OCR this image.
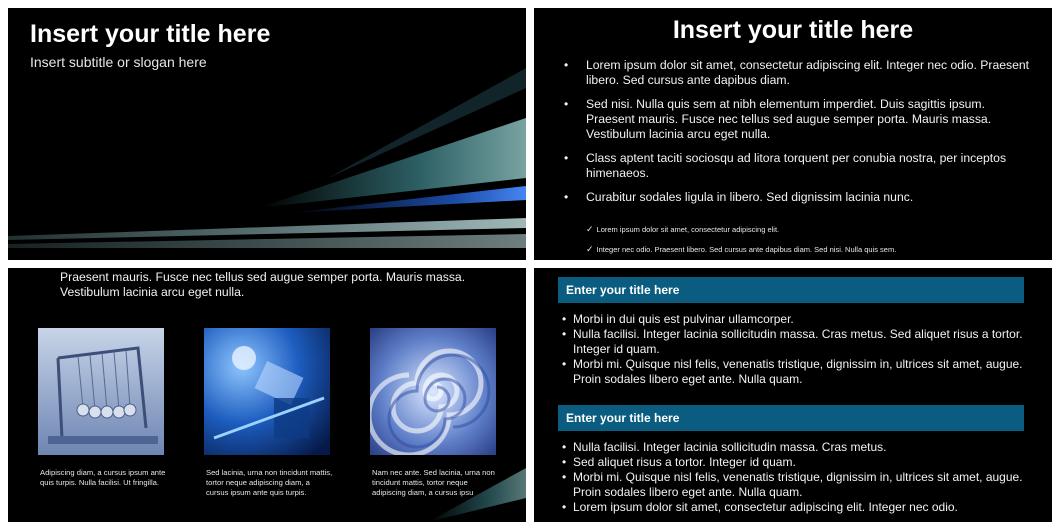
Insert your title here
Insert subtitle or slogan here
Insert your title here
• Lorem ipsum dolor sit amet, consectetur adipiscing elit. Integer nec odio. Praesent libero. Sed cursus ante dapibus diam.
• Sed nisi. Nulla quis sem at nibh elementum imperdiet. Duis sagittis ipsum. Praesent mauris. Fusce nec tellus sed augue semper porta. Mauris massa. Vestibulum lacinia arcu eget nulla.
• Class aptent taciti sociosqu ad litora torquent per conubia nostra, per inceptos himenaeos.
• Curabitur sodales ligula in libero. Sed dignissim lacinia nunc.
✓ Lorem ipsum dolor sit amet, consectetur adipiscing elit.
✓ Integer nec odio. Praesent libero. Sed cursus ante dapibus diam. Sed nisi. Nulla quis sem.
Praesent mauris. Fusce nec tellus sed augue semper porta. Mauris massa. Vestibulum lacinia arcu eget nulla.
Adipiscing diam, a cursus ipsum ante quis turpis. Nulla facilisi. Ut fringilla.
Sed lacinia, urna non tincidunt mattis, tortor neque adipiscing diam, a cursus ipsum ante quis turpis.
Nam nec ante. Sed lacinia, urna non tincidunt mattis, tortor neque adipiscing diam, a cursus ipsu
Enter your title here
• Morbi in dui quis est pulvinar ullamcorper.
• Nulla facilisi. Integer lacinia sollicitudin massa. Cras metus. Sed aliquet risus a tortor. Integer id quam.
• Morbi mi. Quisque nisl felis, venenatis tristique, dignissim in, ultrices sit amet, augue. Proin sodales libero eget ante. Nulla quam.
Enter your title here
• Nulla facilisi. Integer lacinia sollicitudin massa. Cras metus.
• Sed aliquet risus a tortor. Integer id quam.
• Morbi mi. Quisque nisl felis, venenatis tristique, dignissim in, ultrices sit amet, augue. Proin sodales libero eget ante. Nulla quam.
• Lorem ipsum dolor sit amet, consectetur adipiscing elit. Integer nec odio.
